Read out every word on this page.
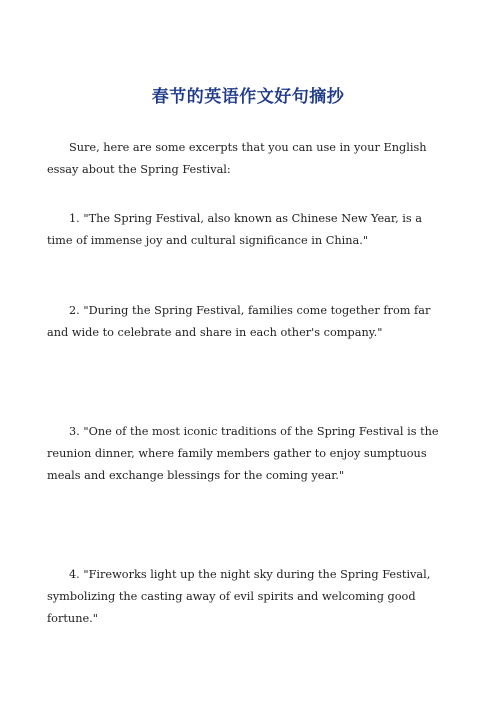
春节的英语作文好句摘抄

Sure, here are some excerpts that you can use in your English essay about the Spring Festival:

1. "The Spring Festival, also known as Chinese New Year, is a time of immense joy and cultural significance in China."

2. "During the Spring Festival, families come together from far and wide to celebrate and share in each other's company."

3. "One of the most iconic traditions of the Spring Festival is the reunion dinner, where family members gather to enjoy sumptuous meals and exchange blessings for the coming year."

4. "Fireworks light up the night sky during the Spring Festival, symbolizing the casting away of evil spirits and welcoming good fortune."
